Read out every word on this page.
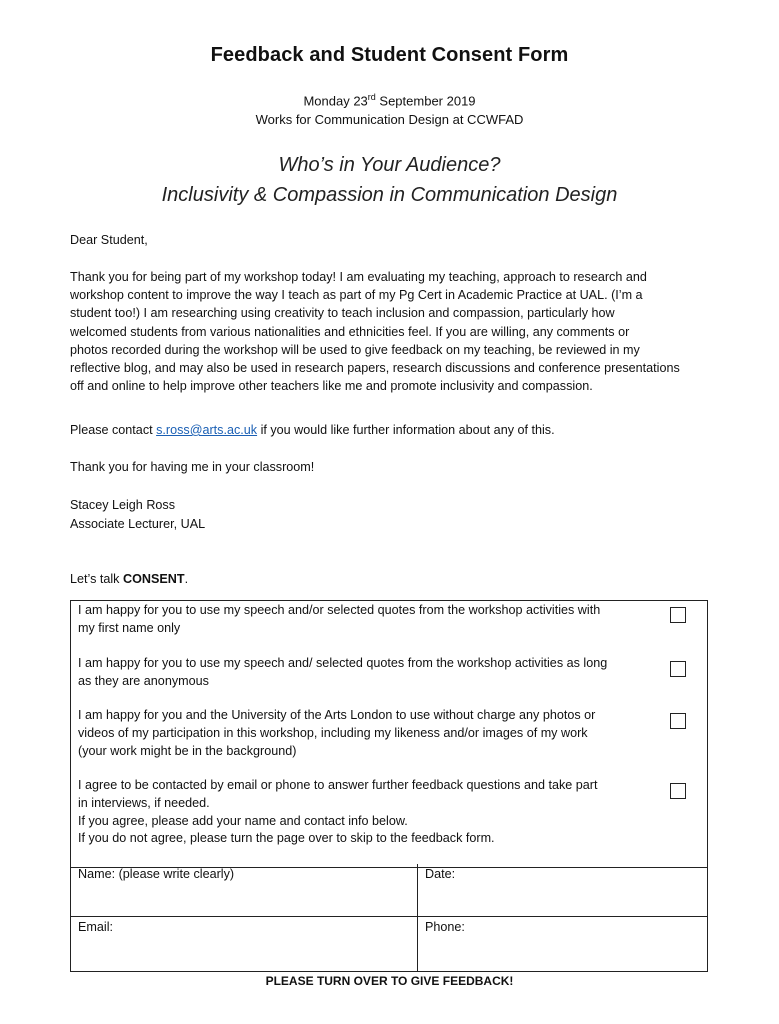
Feedback and Student Consent Form
Monday 23rd September 2019
Works for Communication Design at CCWFAD
Who’s in Your Audience?
Inclusivity & Compassion in Communication Design
Dear Student,
Thank you for being part of my workshop today! I am evaluating my teaching, approach to research and
workshop content to improve the way I teach as part of my Pg Cert in Academic Practice at UAL. (I’m a
student too!) I am researching using creativity to teach inclusion and compassion, particularly how
welcomed students from various nationalities and ethnicities feel. If you are willing, any comments or
photos recorded during the workshop will be used to give feedback on my teaching, be reviewed in my
reflective blog, and may also be used in research papers, research discussions and conference presentations
off and online to help improve other teachers like me and promote inclusivity and compassion.
Please contact s.ross@arts.ac.uk if you would like further information about any of this.
Thank you for having me in your classroom!
Stacey Leigh Ross
Associate Lecturer, UAL
Let’s talk CONSENT.
I am happy for you to use my speech and/or selected quotes from the workshop activities with
my first name only
I am happy for you to use my speech and/ selected quotes from the workshop activities as long
as they are anonymous
I am happy for you and the University of the Arts London to use without charge any photos or
videos of my participation in this workshop, including my likeness and/or images of my work
(your work might be in the background)
I agree to be contacted by email or phone to answer further feedback questions and take part
in interviews, if needed.
If you agree, please add your name and contact info below.
If you do not agree, please turn the page over to skip to the feedback form.
Name: (please write clearly)	Date:
Email:	Phone:
PLEASE TURN OVER TO GIVE FEEDBACK!
